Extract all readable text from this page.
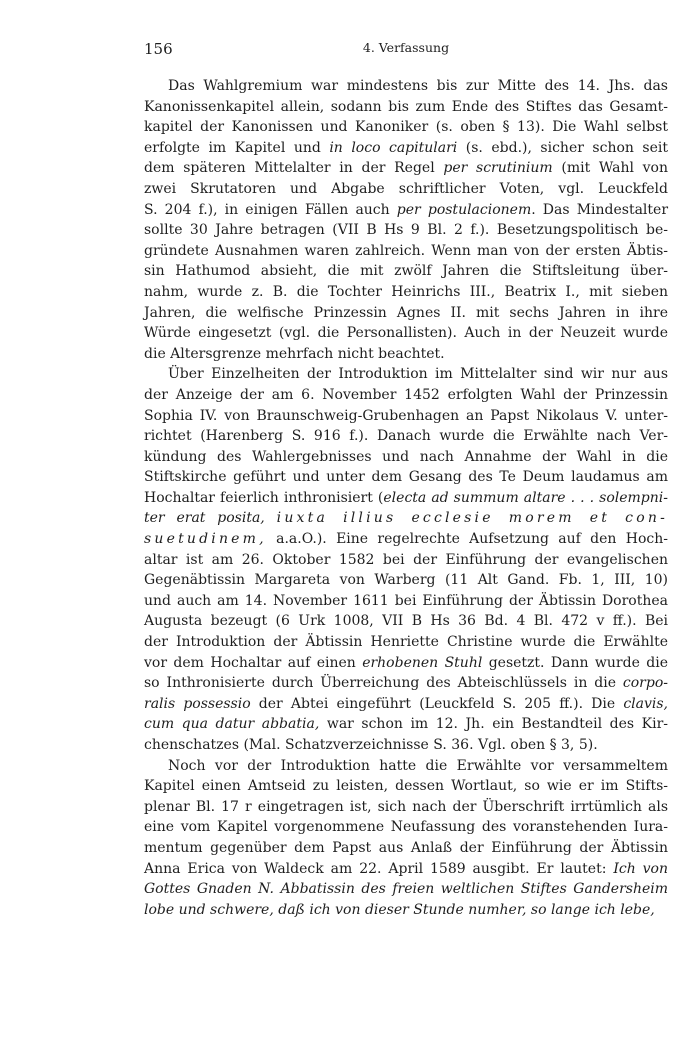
156	4. Verfassung
Das Wahlgremium war mindestens bis zur Mitte des 14. Jhs. das
Kanonissenkapitel allein, sodann bis zum Ende des Stiftes das Gesamt-
kapitel der Kanonissen und Kanoniker (s. oben § 13). Die Wahl selbst
erfolgte im Kapitel und in loco capitulari (s. ebd.), sicher schon seit
dem späteren Mittelalter in der Regel per scrutinium (mit Wahl von
zwei Skrutatoren und Abgabe schriftlicher Voten, vgl. Leuckfeld
S. 204 f.), in einigen Fällen auch per postulacionem. Das Mindestalter
sollte 30 Jahre betragen (VII B Hs 9 Bl. 2 f.). Besetzungspolitisch be-
gründete Ausnahmen waren zahlreich. Wenn man von der ersten Äbtis-
sin Hathumod absieht, die mit zwölf Jahren die Stiftsleitung über-
nahm, wurde z. B. die Tochter Heinrichs III., Beatrix I., mit sieben
Jahren, die welfische Prinzessin Agnes II. mit sechs Jahren in ihre
Würde eingesetzt (vgl. die Personallisten). Auch in der Neuzeit wurde
die Altersgrenze mehrfach nicht beachtet.
Über Einzelheiten der Introduktion im Mittelalter sind wir nur aus
der Anzeige der am 6. November 1452 erfolgten Wahl der Prinzessin
Sophia IV. von Braunschweig-Grubenhagen an Papst Nikolaus V. unter-
richtet (Harenberg S. 916 f.). Danach wurde die Erwählte nach Ver-
kündung des Wahlergebnisses und nach Annahme der Wahl in die
Stiftskirche geführt und unter dem Gesang des Te Deum laudamus am
Hochaltar feierlich inthronisiert (electa ad summum altare . . . solempni-
ter erat posita, iuxta illius ecclesie morem et con-
suetudinem, a.a.O.). Eine regelrechte Aufsetzung auf den Hoch-
altar ist am 26. Oktober 1582 bei der Einführung der evangelischen
Gegenäbtissin Margareta von Warberg (11 Alt Gand. Fb. 1, III, 10)
und auch am 14. November 1611 bei Einführung der Äbtissin Dorothea
Augusta bezeugt (6 Urk 1008, VII B Hs 36 Bd. 4 Bl. 472 v ff.). Bei
der Introduktion der Äbtissin Henriette Christine wurde die Erwählte
vor dem Hochaltar auf einen erhobenen Stuhl gesetzt. Dann wurde die
so Inthronisierte durch Überreichung des Abteischlüssels in die corpo-
ralis possessio der Abtei eingeführt (Leuckfeld S. 205 ff.). Die clavis,
cum qua datur abbatia, war schon im 12. Jh. ein Bestandteil des Kir-
chenschatzes (Mal. Schatzverzeichnisse S. 36. Vgl. oben § 3, 5).
Noch vor der Introduktion hatte die Erwählte vor versammeltem
Kapitel einen Amtseid zu leisten, dessen Wortlaut, so wie er im Stifts-
plenar Bl. 17 r eingetragen ist, sich nach der Überschrift irrtümlich als
eine vom Kapitel vorgenommene Neufassung des voranstehenden Iura-
mentum gegenüber dem Papst aus Anlaß der Einführung der Äbtissin
Anna Erica von Waldeck am 22. April 1589 ausgibt. Er lautet: Ich von
Gottes Gnaden N. Abbatissin des freien weltlichen Stiftes Gandersheim
lobe und schwere, daß ich von dieser Stunde numher, so lange ich lebe,
